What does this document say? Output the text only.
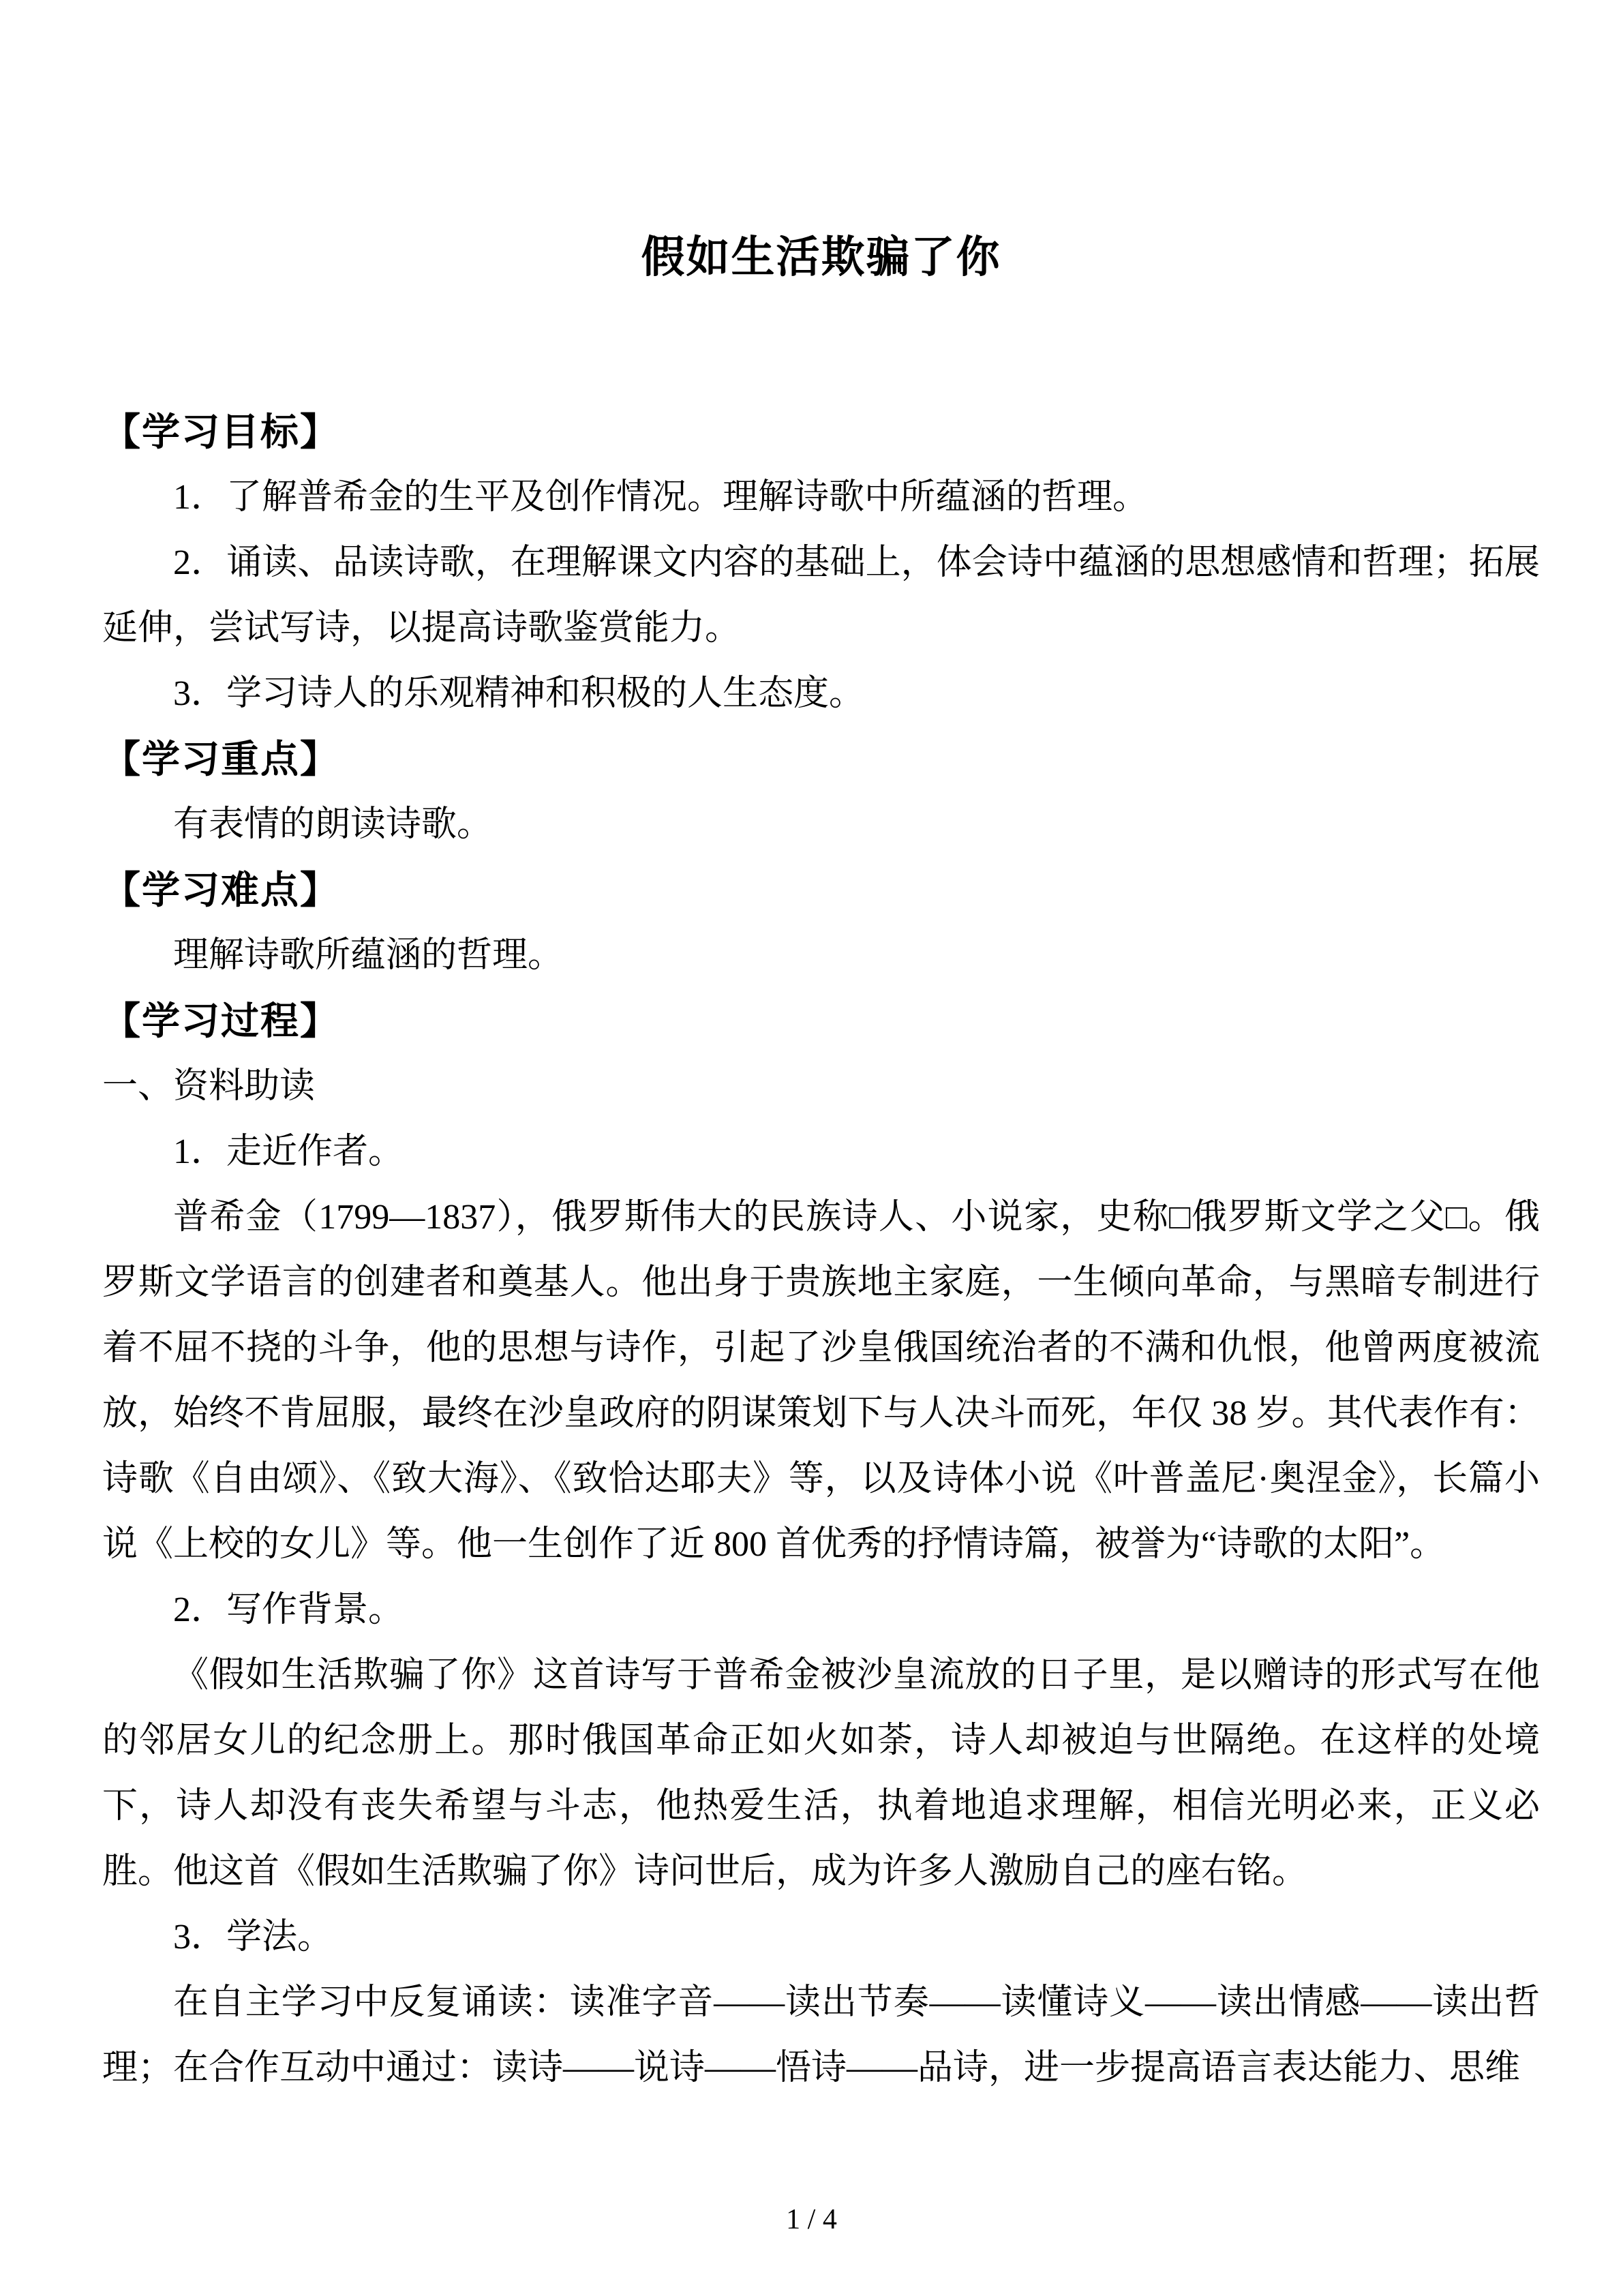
假如生活欺骗了你
【学习目标】

1．了解普希金的生平及创作情况。理解诗歌中所蕴涵的哲理。

2．诵读、品读诗歌，在理解课文内容的基础上，体会诗中蕴涵的思想感情和哲理；拓展延伸，尝试写诗，以提高诗歌鉴赏能力。

3．学习诗人的乐观精神和积极的人生态度。

【学习重点】

有表情的朗读诗歌。

【学习难点】

理解诗歌所蕴涵的哲理。

【学习过程】

一、资料助读

1．走近作者。

普希金（1799—1837），俄罗斯伟大的民族诗人、小说家，史称□俄罗斯文学之父□。俄罗斯文学语言的创建者和奠基人。他出身于贵族地主家庭，一生倾向革命，与黑暗专制进行着不屈不挠的斗争，他的思想与诗作，引起了沙皇俄国统治者的不满和仇恨，他曾两度被流放，始终不肯屈服，最终在沙皇政府的阴谋策划下与人决斗而死，年仅 38 岁。其代表作有：诗歌《自由颂》、《致大海》、《致恰达耶夫》等，以及诗体小说《叶普盖尼·奥涅金》，长篇小说《上校的女儿》等。他一生创作了近 800 首优秀的抒情诗篇，被誉为“诗歌的太阳”。

2．写作背景。

《假如生活欺骗了你》这首诗写于普希金被沙皇流放的日子里，是以赠诗的形式写在他的邻居女儿的纪念册上。那时俄国革命正如火如荼，诗人却被迫与世隔绝。在这样的处境下，诗人却没有丧失希望与斗志，他热爱生活，执着地追求理解，相信光明必来，正义必胜。他这首《假如生活欺骗了你》诗问世后，成为许多人激励自己的座右铭。

3．学法。

在自主学习中反复诵读：读准字音——读出节奏——读懂诗义——读出情感——读出哲理；在合作互动中通过：读诗——说诗——悟诗——品诗，进一步提高语言表达能力、思维

1 / 4
